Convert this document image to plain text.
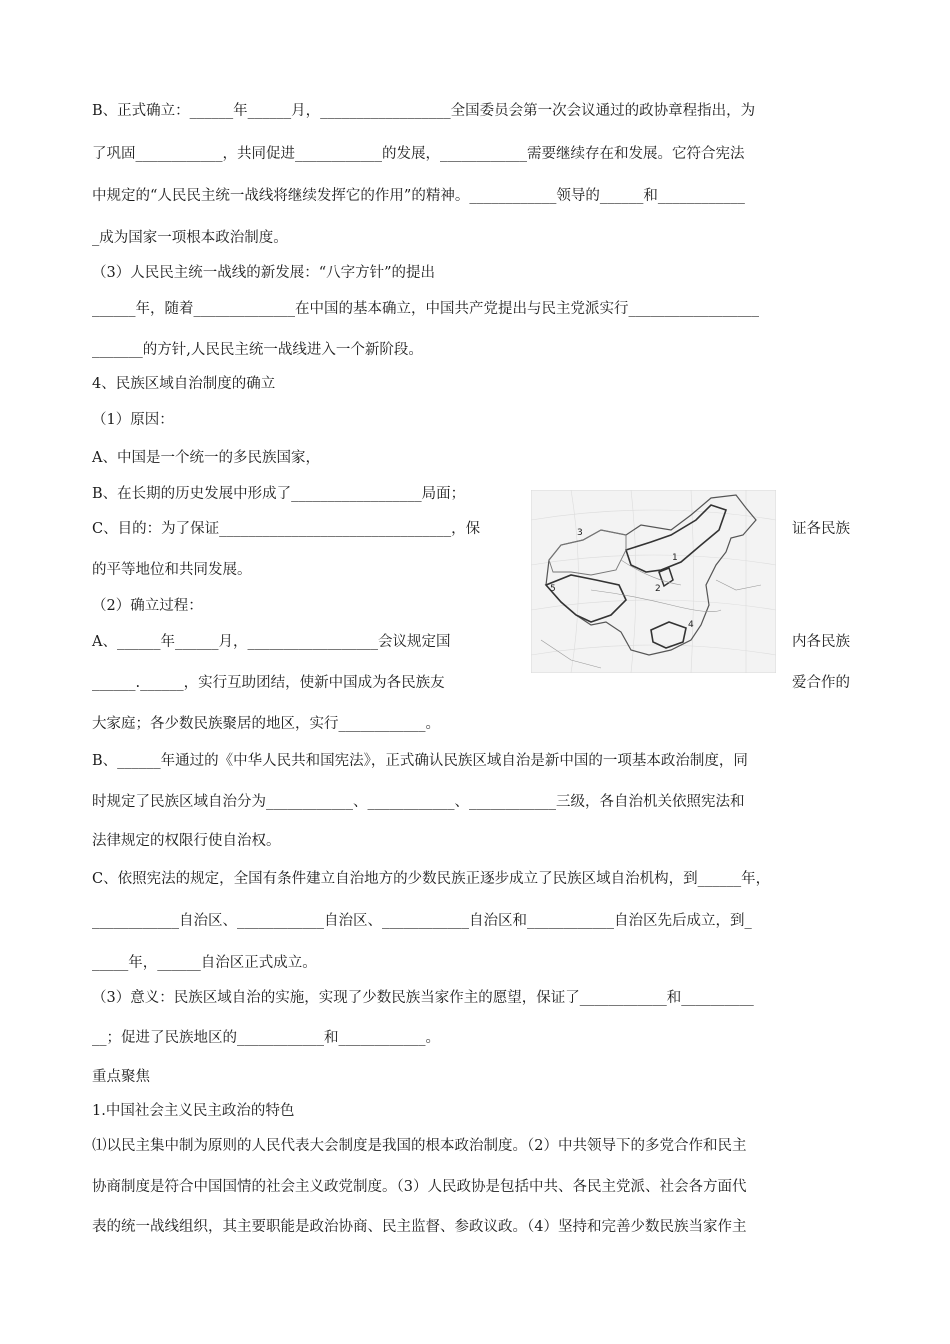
B、正式确立：______年______月，__________________全国委员会第一次会议通过的政协章程指出，为
了巩固____________，共同促进____________的发展，____________需要继续存在和发展。它符合宪法
中规定的“人民民主统一战线将继续发挥它的作用”的精神。____________领导的______和____________
_成为国家一项根本政治制度。
（3）人民民主统一战线的新发展：“八字方针”的提出
______年，随着______________在中国的基本确立，中国共产党提出与民主党派实行__________________
_______的方针,人民民主统一战线进入一个新阶段。
4、民族区域自治制度的确立
（1）原因：
A、中国是一个统一的多民族国家，
B、在长期的历史发展中形成了__________________局面；
C、目的：为了保证________________________________，保	证各民族
的平等地位和共同发展。
（2）确立过程：
A、______年______月，__________________会议规定国	内各民族
______.______，实行互助团结，使新中国成为各民族友	爱合作的
大家庭；各少数民族聚居的地区，实行____________。
B、______年通过的《中华人民共和国宪法》，正式确认民族区域自治是新中国的一项基本政治制度，同
时规定了民族区域自治分为____________、____________、____________三级，各自治机关依照宪法和
法律规定的权限行使自治权。
C、依照宪法的规定，全国有条件建立自治地方的少数民族正逐步成立了民族区域自治机构，到______年，
____________自治区、____________自治区、____________自治区和____________自治区先后成立，到_
_____年，______自治区正式成立。
（3）意义：民族区域自治的实施，实现了少数民族当家作主的愿望，保证了____________和__________
__；促进了民族地区的____________和____________。
重点聚焦
1.中国社会主义民主政治的特色
⑴以民主集中制为原则的人民代表大会制度是我国的根本政治制度。（2）中共领导下的多党合作和民主
协商制度是符合中国国情的社会主义政党制度。（3）人民政协是包括中共、各民主党派、社会各方面代
表的统一战线组织，其主要职能是政治协商、民主监督、参政议政。（4）坚持和完善少数民族当家作主
1
2
3
4
5
